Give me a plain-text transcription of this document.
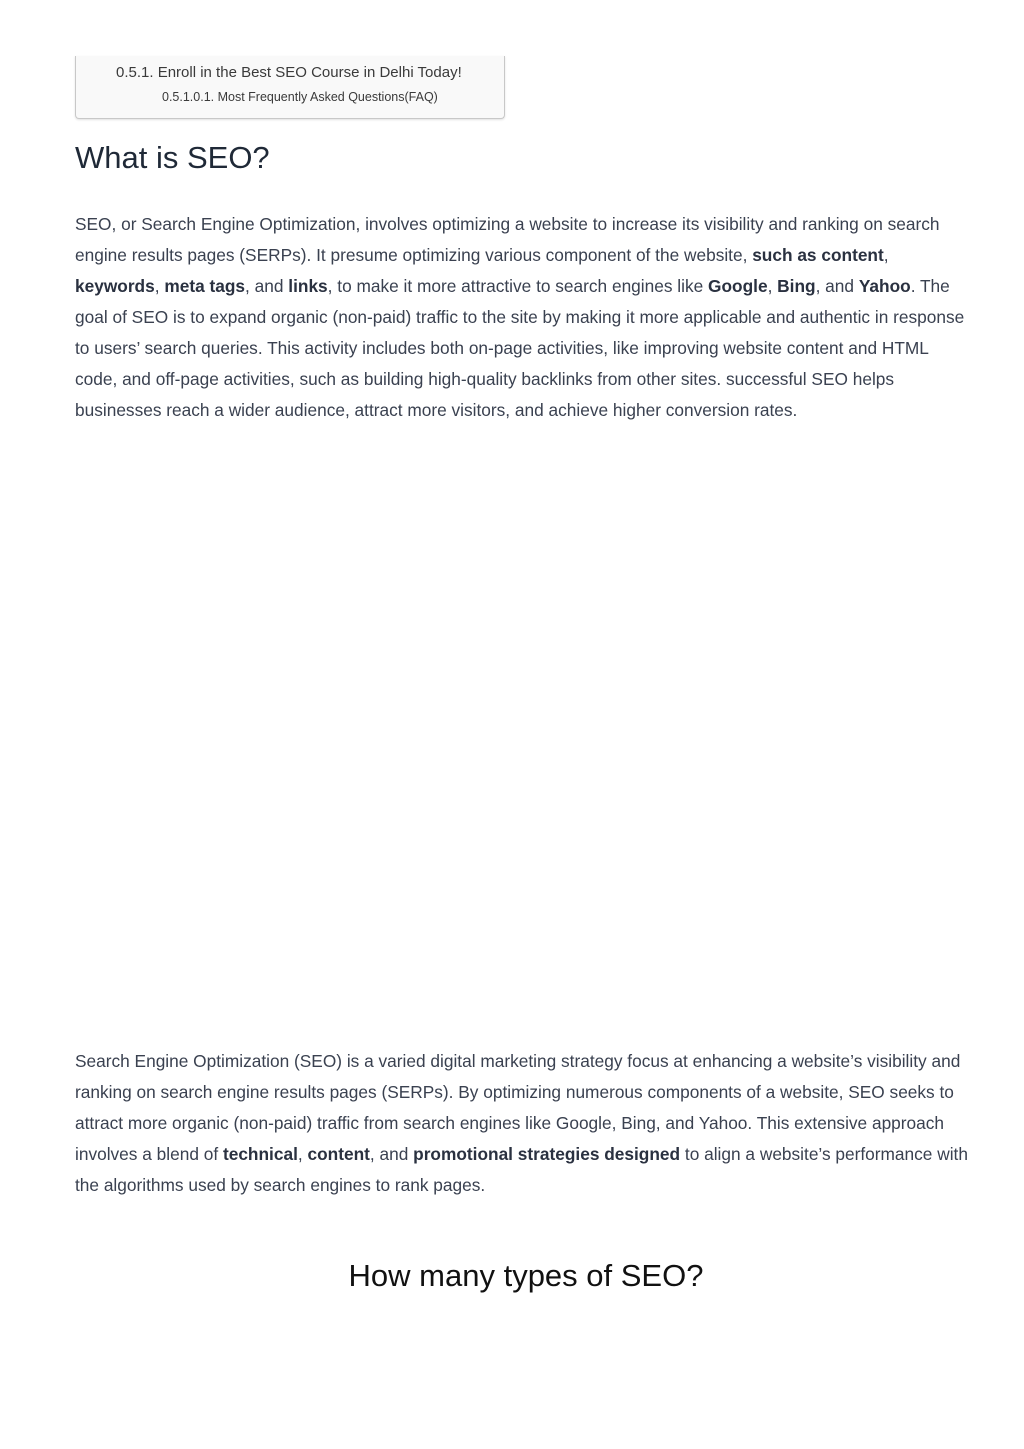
0.5.1. Enroll in the Best SEO Course in Delhi Today!
0.5.1.0.1. Most Frequently Asked Questions(FAQ)
What is SEO?

SEO, or Search Engine Optimization, involves optimizing a website to increase its visibility and ranking on search engine results pages (SERPs). It presume optimizing various component of the website, such as content, keywords, meta tags, and links, to make it more attractive to search engines like Google, Bing, and Yahoo. The goal of SEO is to expand organic (non-paid) traffic to the site by making it more applicable and authentic in response to users’ search queries. This activity includes both on-page activities, like improving website content and HTML code, and off-page activities, such as building high-quality backlinks from other sites. successful SEO helps businesses reach a wider audience, attract more visitors, and achieve higher conversion rates.

Search Engine Optimization (SEO) is a varied digital marketing strategy focus at enhancing a website’s visibility and ranking on search engine results pages (SERPs). By optimizing numerous components of a website, SEO seeks to attract more organic (non-paid) traffic from search engines like Google, Bing, and Yahoo. This extensive approach involves a blend of technical, content, and promotional strategies designed to align a website’s performance with the algorithms used by search engines to rank pages.

How many types of SEO?
